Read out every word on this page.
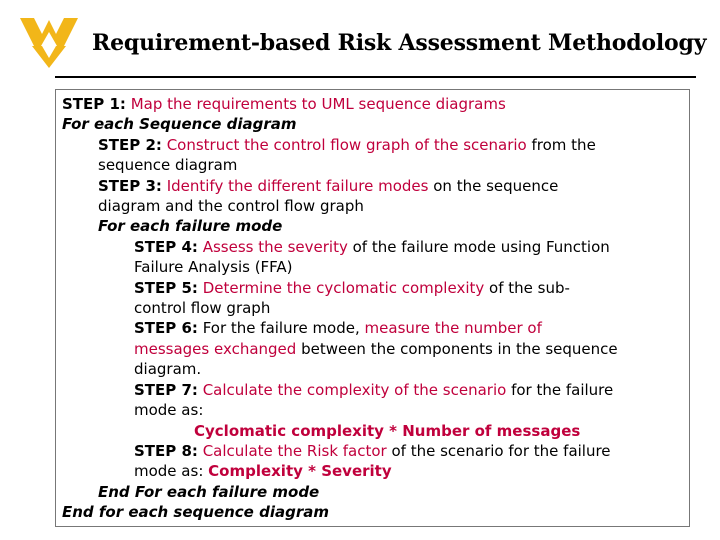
Requirement-based Risk Assessment Methodology
STEP 1: Map the requirements to UML sequence diagrams
For each Sequence diagram
STEP 2: Construct the control flow graph of the scenario from the
sequence diagram
STEP 3: Identify the different failure modes on the sequence
diagram and the control flow graph
For each failure mode
STEP 4: Assess the severity of the failure mode using Function
Failure Analysis (FFA)
STEP 5: Determine the cyclomatic complexity of the sub-
control flow graph
STEP 6: For the failure mode, measure the number of
messages exchanged between the components in the sequence
diagram.
STEP 7: Calculate the complexity of the scenario for the failure
mode as:
Cyclomatic complexity * Number of messages
STEP 8: Calculate the Risk factor of the scenario for the failure
mode as: Complexity * Severity
End For each failure mode
End for each sequence diagram
